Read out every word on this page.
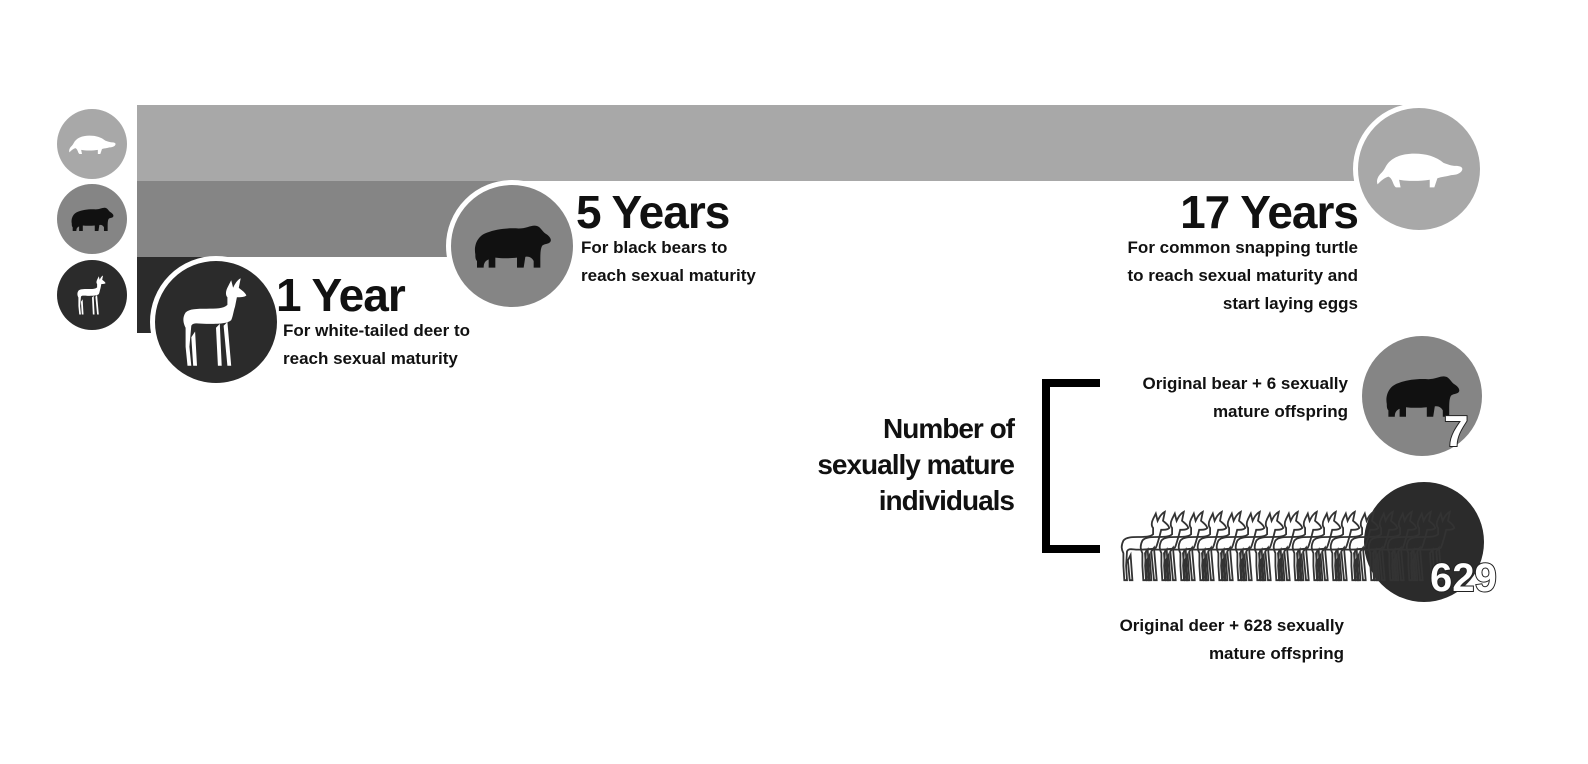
1 Year
For white-tailed deer to
reach sexual maturity
5 Years
For black bears to
reach sexual maturity
17 Years
For common snapping turtle
to reach sexual maturity and
start laying eggs
Number of
sexually mature
individuals
Original bear + 6 sexually
mature offspring 7
629
Original deer + 628 sexually
mature offspring
